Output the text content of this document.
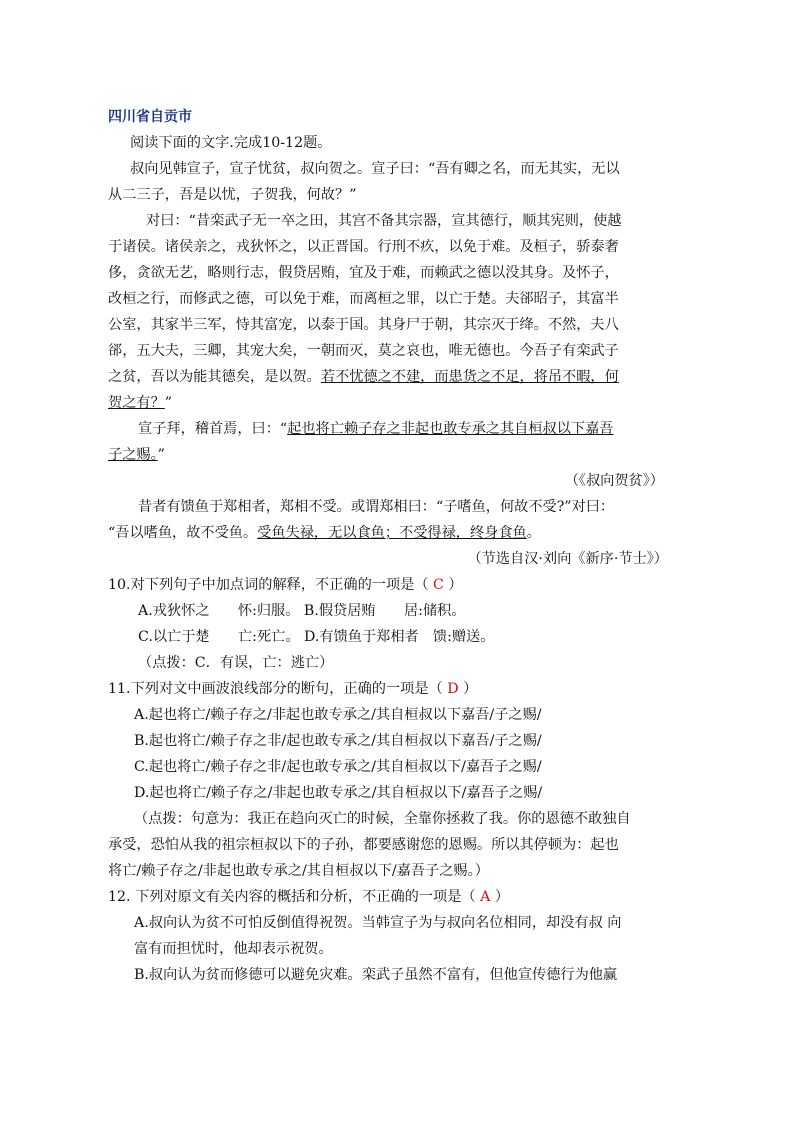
四川省自贡市
阅读下面的文字.完成10-12题。
叔向见韩宣子，宣子忧贫，叔向贺之。宣子曰：“吾有卿之名，而无其实，无以
从二三子，吾是以忧，子贺我，何故？”
对曰：“昔栾武子无一卒之田，其宫不备其宗器，宣其德行，顺其宪则，使越
于诸侯。诸侯亲之，戎狄怀之，以正晋国。行刑不疚，以免于难。及桓子，骄泰奢
侈，贪欲无艺，略则行志，假贷居贿，宜及于难，而赖武之德以没其身。及怀子，
改桓之行，而修武之德，可以免于难，而离桓之罪，以亡于楚。夫郤昭子，其富半
公室，其家半三军，恃其富宠，以泰于国。其身尸于朝，其宗灭于绛。不然，夫八
郤，五大夫，三卿，其宠大矣，一朝而灭，莫之哀也，唯无德也。今吾子有栾武子
之贫，吾以为能其德矣，是以贺。若不忧德之不建，而患货之不足，将吊不暇，何
贺之有？”
宣子拜，稽首焉，曰：“起也将亡赖子存之非起也敢专承之其自桓叔以下嘉吾
子之赐。”
（《叔向贺贫》）
昔者有馈鱼于郑相者，郑相不受。或谓郑相曰：“子嗜鱼，何故不受?”对曰：
“吾以嗜鱼，故不受鱼。受鱼失禄，无以食鱼；不受得禄，终身食鱼。
（节选自汉·刘向《新序·节士》）
10.对下列句子中加点词的解释，不正确的一项是（ C ）
A.戎狄怀之　　怀:归服。 B.假贷居贿　　居:储积。
C.以亡于楚　　亡:死亡。 D.有馈鱼于郑相者　馈:赠送。
（点拨：C．有误，亡：逃亡）
11.下列对文中画波浪线部分的断句，正确的一项是（ D ）
A.起也将亡/赖子存之/非起也敢专承之/其自桓叔以下嘉吾/子之赐/
B.起也将亡/赖子存之非/起也敢专承之/其自桓叔以下嘉吾/子之赐/
C.起也将亡/赖子存之非/起也敢专承之/其自桓叔以下/嘉吾子之赐/
D.起也将亡/赖子存之/非起也敢专承之/其自桓叔以下/嘉吾子之赐/
（点拨：句意为：我正在趋向灭亡的时候，全靠你拯救了我。你的恩德不敢独自
承受，恐怕从我的祖宗桓叔以下的子孙，都要感谢您的恩赐。所以其停顿为：起也
将亡/赖子存之/非起也敢专承之/其自桓叔以下/嘉吾子之赐。）
12. 下列对原文有关内容的概括和分析，不正确的一项是（ A ）
A.叔向认为贫不可怕反倒值得祝贺。当韩宣子为与叔向名位相同，却没有叔 向
富有而担忧时，他却表示祝贺。
B.叔向认为贫而修德可以避免灾难。栾武子虽然不富有，但他宣传德行为他赢
